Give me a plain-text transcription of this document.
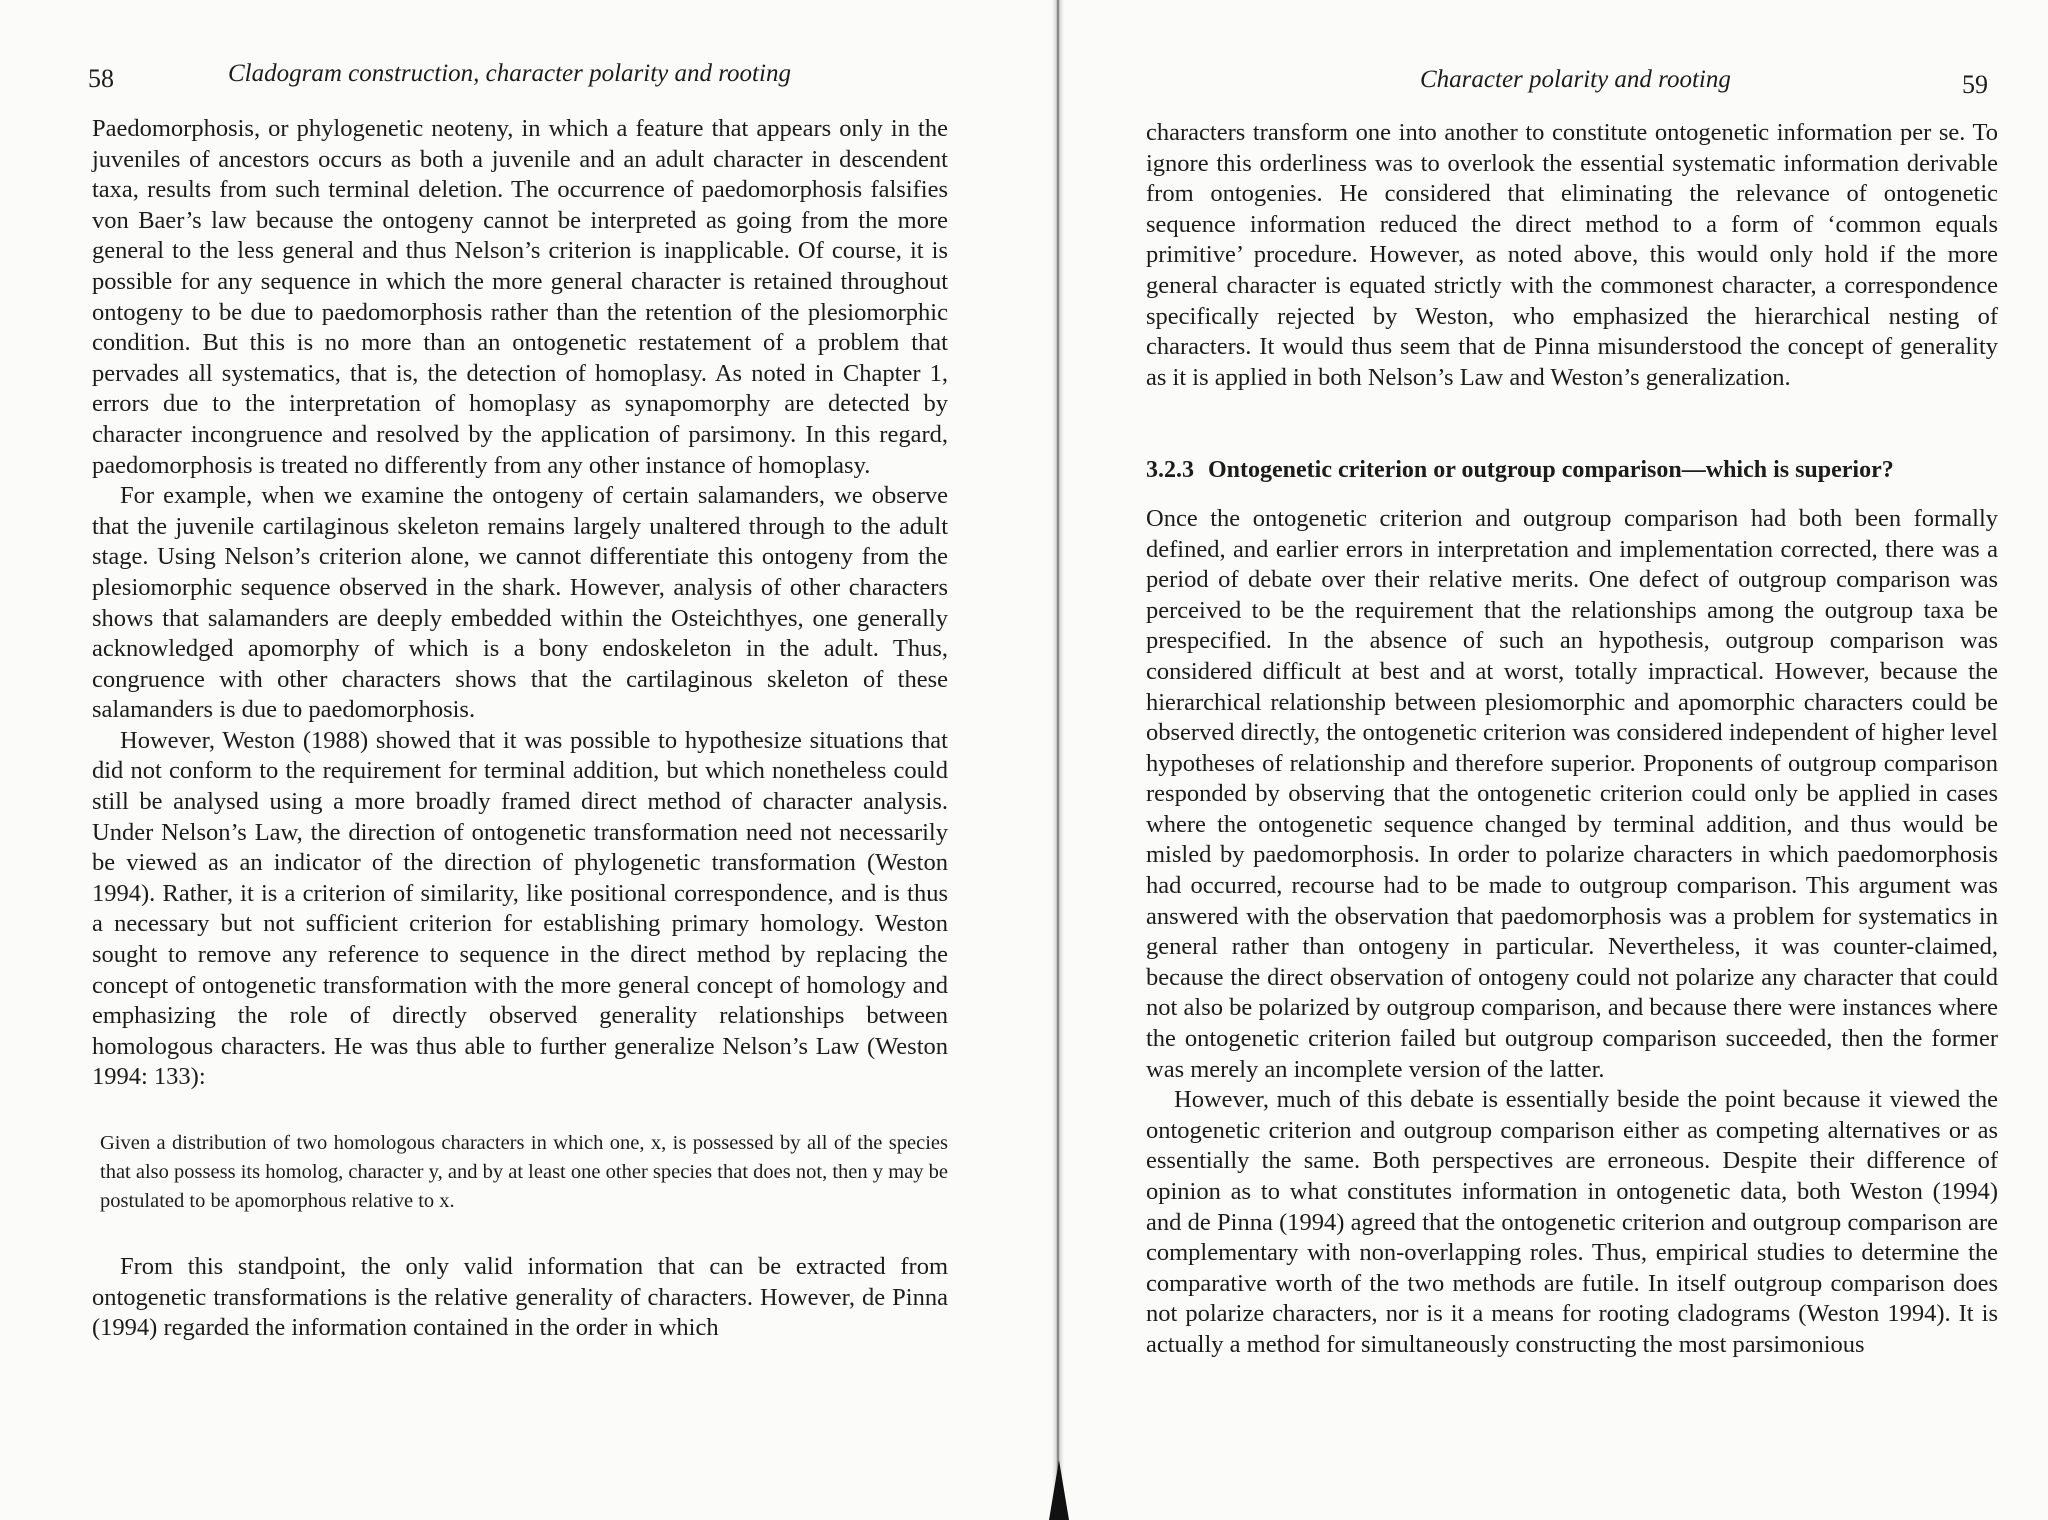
58	Cladogram construction, character polarity and rooting

Paedomorphosis, or phylogenetic neoteny, in which a feature that appears only in the juveniles of ancestors occurs as both a juvenile and an adult character in descendent taxa, results from such terminal deletion. The occurrence of paedomorphosis falsifies von Baer’s law because the ontogeny cannot be interpreted as going from the more general to the less general and thus Nelson’s criterion is inapplicable. Of course, it is possible for any sequence in which the more general character is retained throughout ontogeny to be due to paedomorphosis rather than the retention of the plesiomorphic condition. But this is no more than an ontogenetic restatement of a problem that pervades all systematics, that is, the detection of homoplasy. As noted in Chapter 1, errors due to the interpretation of homoplasy as synapomorphy are detected by character incongruence and resolved by the application of parsimony. In this regard, paedomorphosis is treated no differently from any other instance of homoplasy.

For example, when we examine the ontogeny of certain salamanders, we observe that the juvenile cartilaginous skeleton remains largely unaltered through to the adult stage. Using Nelson’s criterion alone, we cannot differentiate this ontogeny from the plesiomorphic sequence observed in the shark. However, analysis of other characters shows that salamanders are deeply embedded within the Osteichthyes, one generally acknowledged apomorphy of which is a bony endoskeleton in the adult. Thus, congruence with other characters shows that the cartilaginous skeleton of these salamanders is due to paedomorphosis.

However, Weston (1988) showed that it was possible to hypothesize situations that did not conform to the requirement for terminal addition, but which nonetheless could still be analysed using a more broadly framed direct method of character analysis. Under Nelson’s Law, the direction of ontogenetic transformation need not necessarily be viewed as an indicator of the direction of phylogenetic transformation (Weston 1994). Rather, it is a criterion of similarity, like positional correspondence, and is thus a necessary but not sufficient criterion for establishing primary homology. Weston sought to remove any reference to sequence in the direct method by replacing the concept of ontogenetic transformation with the more general concept of homology and emphasizing the role of directly observed generality relationships between homologous characters. He was thus able to further generalize Nelson’s Law (Weston 1994: 133):

Given a distribution of two homologous characters in which one, x, is possessed by all of the species that also possess its homolog, character y, and by at least one other species that does not, then y may be postulated to be apomorphous relative to x.

From this standpoint, the only valid information that can be extracted from ontogenetic transformations is the relative generality of characters. However, de Pinna (1994) regarded the information contained in the order in which

Character polarity and rooting	59

characters transform one into another to constitute ontogenetic information per se. To ignore this orderliness was to overlook the essential systematic information derivable from ontogenies. He considered that eliminating the relevance of ontogenetic sequence information reduced the direct method to a form of ‘common equals primitive’ procedure. However, as noted above, this would only hold if the more general character is equated strictly with the commonest character, a correspondence specifically rejected by Weston, who emphasized the hierarchical nesting of characters. It would thus seem that de Pinna misunderstood the concept of generality as it is applied in both Nelson’s Law and Weston’s generalization.

3.2.3 Ontogenetic criterion or outgroup comparison—which is superior?

Once the ontogenetic criterion and outgroup comparison had both been formally defined, and earlier errors in interpretation and implementation corrected, there was a period of debate over their relative merits. One defect of outgroup comparison was perceived to be the requirement that the relationships among the outgroup taxa be prespecified. In the absence of such an hypothesis, outgroup comparison was considered difficult at best and at worst, totally impractical. However, because the hierarchical relationship between plesiomorphic and apomorphic characters could be observed directly, the ontogenetic criterion was considered independent of higher level hypotheses of relationship and therefore superior. Proponents of outgroup comparison responded by observing that the ontogenetic criterion could only be applied in cases where the ontogenetic sequence changed by terminal addition, and thus would be misled by paedomorphosis. In order to polarize characters in which paedomorphosis had occurred, recourse had to be made to outgroup comparison. This argument was answered with the observation that paedomorphosis was a problem for systematics in general rather than ontogeny in particular. Nevertheless, it was counter-claimed, because the direct observation of ontogeny could not polarize any character that could not also be polarized by outgroup comparison, and because there were instances where the ontogenetic criterion failed but outgroup comparison succeeded, then the former was merely an incomplete version of the latter.

However, much of this debate is essentially beside the point because it viewed the ontogenetic criterion and outgroup comparison either as competing alternatives or as essentially the same. Both perspectives are erroneous. Despite their difference of opinion as to what constitutes information in ontogenetic data, both Weston (1994) and de Pinna (1994) agreed that the ontogenetic criterion and outgroup comparison are complementary with non-overlapping roles. Thus, empirical studies to determine the comparative worth of the two methods are futile. In itself outgroup comparison does not polarize characters, nor is it a means for rooting cladograms (Weston 1994). It is actually a method for simultaneously constructing the most parsimonious
